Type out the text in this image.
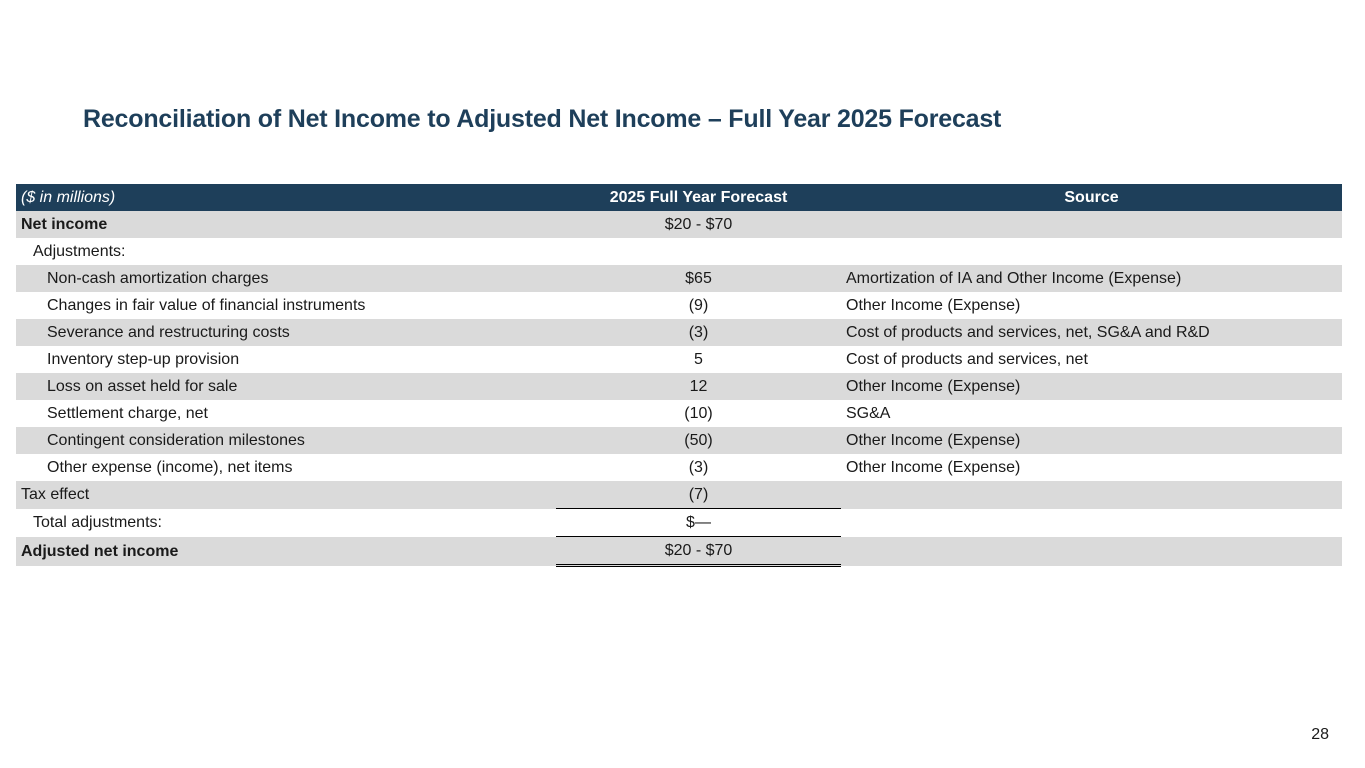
Reconciliation of Net Income to Adjusted Net Income – Full Year 2025 Forecast
($ in millions)	2025 Full Year Forecast	Source
Net income	$20 - $70	
Adjustments:		
Non-cash amortization charges	$65	Amortization of IA and Other Income (Expense)
Changes in fair value of financial instruments	(9)	Other Income (Expense)
Severance and restructuring costs	(3)	Cost of products and services, net, SG&A and R&D
Inventory step-up provision	5	Cost of products and services, net
Loss on asset held for sale	12	Other Income (Expense)
Settlement charge, net	(10)	SG&A
Contingent consideration milestones	(50)	Other Income (Expense)
Other expense (income), net items	(3)	Other Income (Expense)
Tax effect	(7)	
Total adjustments:	$—	
Adjusted net income	$20 - $70	
28
